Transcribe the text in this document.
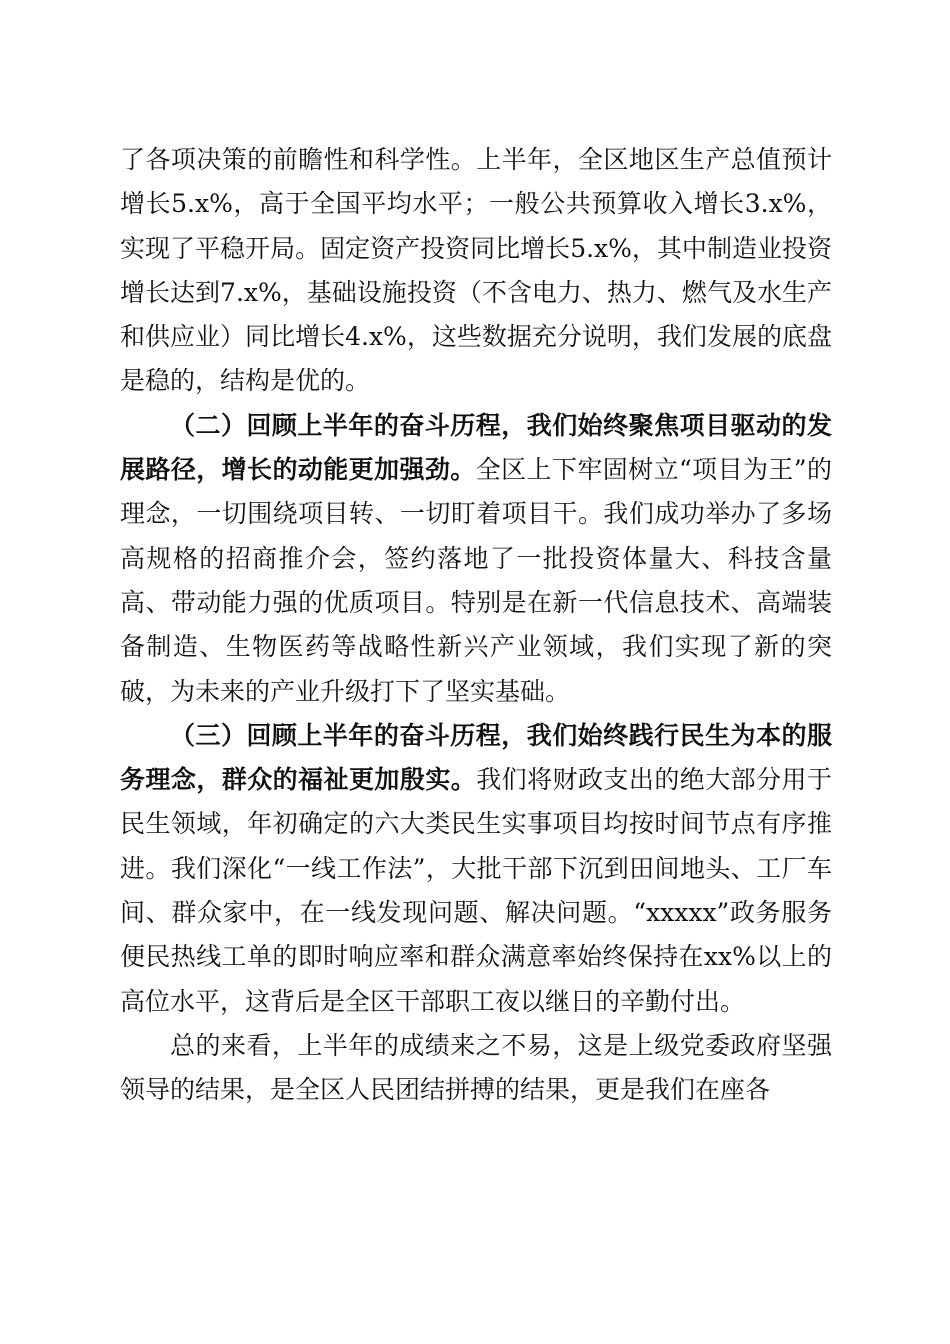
了各项决策的前瞻性和科学性。上半年，全区地区生产总值预计增长5.x%，高于全国平均水平；一般公共预算收入增长3.x%，实现了平稳开局。固定资产投资同比增长5.x%，其中制造业投资增长达到7.x%，基础设施投资（不含电力、热力、燃气及水生产和供应业）同比增长4.x%，这些数据充分说明，我们发展的底盘是稳的，结构是优的。

（二）回顾上半年的奋斗历程，我们始终聚焦项目驱动的发展路径，增长的动能更加强劲。全区上下牢固树立“项目为王”的理念，一切围绕项目转、一切盯着项目干。我们成功举办了多场高规格的招商推介会，签约落地了一批投资体量大、科技含量高、带动能力强的优质项目。特别是在新一代信息技术、高端装备制造、生物医药等战略性新兴产业领域，我们实现了新的突破，为未来的产业升级打下了坚实基础。

（三）回顾上半年的奋斗历程，我们始终践行民生为本的服务理念，群众的福祉更加殷实。我们将财政支出的绝大部分用于民生领域，年初确定的六大类民生实事项目均按时间节点有序推进。我们深化“一线工作法”，大批干部下沉到田间地头、工厂车间、群众家中，在一线发现问题、解决问题。“xxxxx”政务服务便民热线工单的即时响应率和群众满意率始终保持在xx%以上的高位水平，这背后是全区干部职工夜以继日的辛勤付出。

总的来看，上半年的成绩来之不易，这是上级党委政府坚强领导的结果，是全区人民团结拼搏的结果，更是我们在座各
